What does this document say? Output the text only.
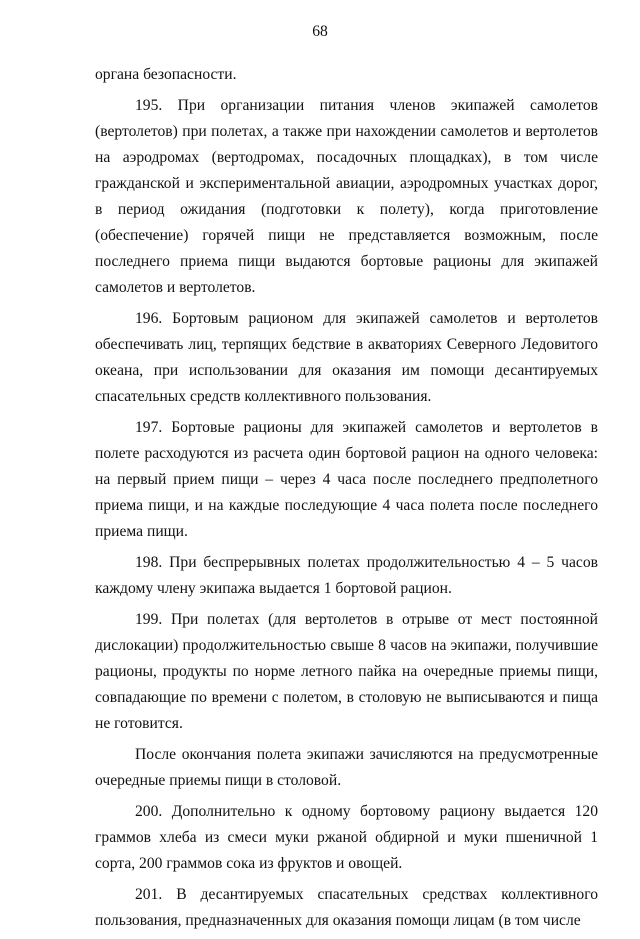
68

органа безопасности.

195. При организации питания членов экипажей самолетов (вертолетов) при полетах, а также при нахождении самолетов и вертолетов на аэродромах (вертодромах, посадочных площадках), в том числе гражданской и экспериментальной авиации, аэродромных участках дорог, в период ожидания (подготовки к полету), когда приготовление (обеспечение) горячей пищи не представляется возможным, после последнего приема пищи выдаются бортовые рационы для экипажей самолетов и вертолетов.

196. Бортовым рационом для экипажей самолетов и вертолетов обеспечивать лиц, терпящих бедствие в акваториях Северного Ледовитого океана, при использовании для оказания им помощи десантируемых спасательных средств коллективного пользования.

197. Бортовые рационы для экипажей самолетов и вертолетов в полете расходуются из расчета один бортовой рацион на одного человека: на первый прием пищи – через 4 часа после последнего предполетного приема пищи, и на каждые последующие 4 часа полета после последнего приема пищи.

198. При беспрерывных полетах продолжительностью 4 – 5 часов каждому члену экипажа выдается 1 бортовой рацион.

199. При полетах (для вертолетов в отрыве от мест постоянной дислокации) продолжительностью свыше 8 часов на экипажи, получившие рационы, продукты по норме летного пайка на очередные приемы пищи, совпадающие по времени с полетом, в столовую не выписываются и пища не готовится.

После окончания полета экипажи зачисляются на предусмотренные очередные приемы пищи в столовой.

200. Дополнительно к одному бортовому рациону выдается 120 граммов хлеба из смеси муки ржаной обдирной и муки пшеничной 1 сорта, 200 граммов сока из фруктов и овощей.

201. В десантируемых спасательных средствах коллективного пользования, предназначенных для оказания помощи лицам (в том числе
